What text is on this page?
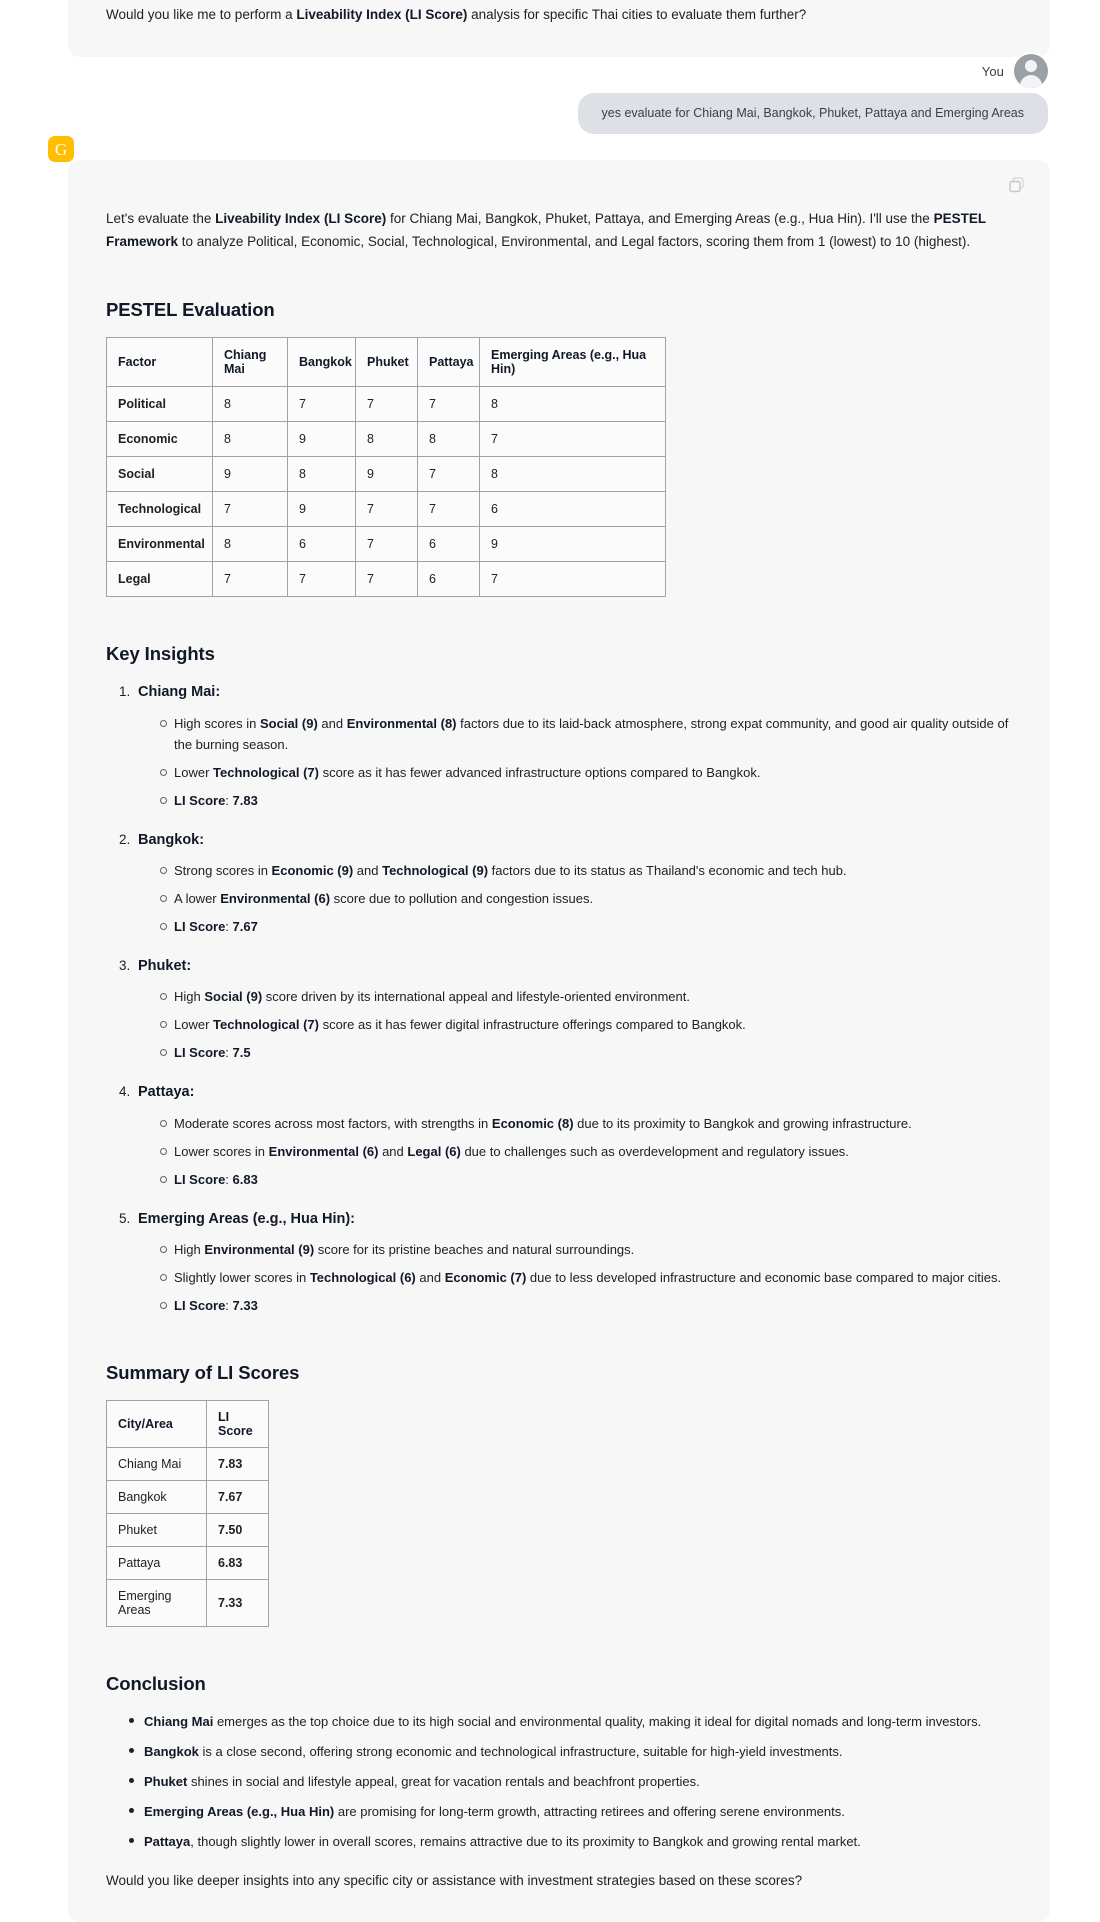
Would you like me to perform a Liveability Index (LI Score) analysis for specific Thai cities to evaluate them further?

You
yes evaluate for Chiang Mai, Bangkok, Phuket, Pattaya and Emerging Areas
G

Let's evaluate the Liveability Index (LI Score) for Chiang Mai, Bangkok, Phuket, Pattaya, and Emerging Areas (e.g., Hua Hin). I'll use the PESTEL Framework to analyze Political, Economic, Social, Technological, Environmental, and Legal factors, scoring them from 1 (lowest) to 10 (highest).

PESTEL Evaluation
Factor	Chiang Mai	Bangkok	Phuket	Pattaya	Emerging Areas (e.g., Hua Hin)
Political	8	7	7	7	8
Economic	8	9	8	8	7
Social	9	8	9	7	8
Technological	7	9	7	7	6
Environmental	8	6	7	6	9
Legal	7	7	7	6	7
Key Insights
1. Chiang Mai:
High scores in Social (9) and Environmental (8) factors due to its laid-back atmosphere, strong expat community, and good air quality outside of the burning season.
Lower Technological (7) score as it has fewer advanced infrastructure options compared to Bangkok.
LI Score: 7.83
2. Bangkok:
Strong scores in Economic (9) and Technological (9) factors due to its status as Thailand's economic and tech hub.
A lower Environmental (6) score due to pollution and congestion issues.
LI Score: 7.67
3. Phuket:
High Social (9) score driven by its international appeal and lifestyle-oriented environment.
Lower Technological (7) score as it has fewer digital infrastructure offerings compared to Bangkok.
LI Score: 7.5
4. Pattaya:
Moderate scores across most factors, with strengths in Economic (8) due to its proximity to Bangkok and growing infrastructure.
Lower scores in Environmental (6) and Legal (6) due to challenges such as overdevelopment and regulatory issues.
LI Score: 6.83
5. Emerging Areas (e.g., Hua Hin):
High Environmental (9) score for its pristine beaches and natural surroundings.
Slightly lower scores in Technological (6) and Economic (7) due to less developed infrastructure and economic base compared to major cities.
LI Score: 7.33
Summary of LI Scores
City/Area	LI Score
Chiang Mai	7.83
Bangkok	7.67
Phuket	7.50
Pattaya	6.83
Emerging Areas	7.33
Conclusion
Chiang Mai emerges as the top choice due to its high social and environmental quality, making it ideal for digital nomads and long-term investors.
Bangkok is a close second, offering strong economic and technological infrastructure, suitable for high-yield investments.
Phuket shines in social and lifestyle appeal, great for vacation rentals and beachfront properties.
Emerging Areas (e.g., Hua Hin) are promising for long-term growth, attracting retirees and offering serene environments.
Pattaya, though slightly lower in overall scores, remains attractive due to its proximity to Bangkok and growing rental market.

Would you like deeper insights into any specific city or assistance with investment strategies based on these scores?
